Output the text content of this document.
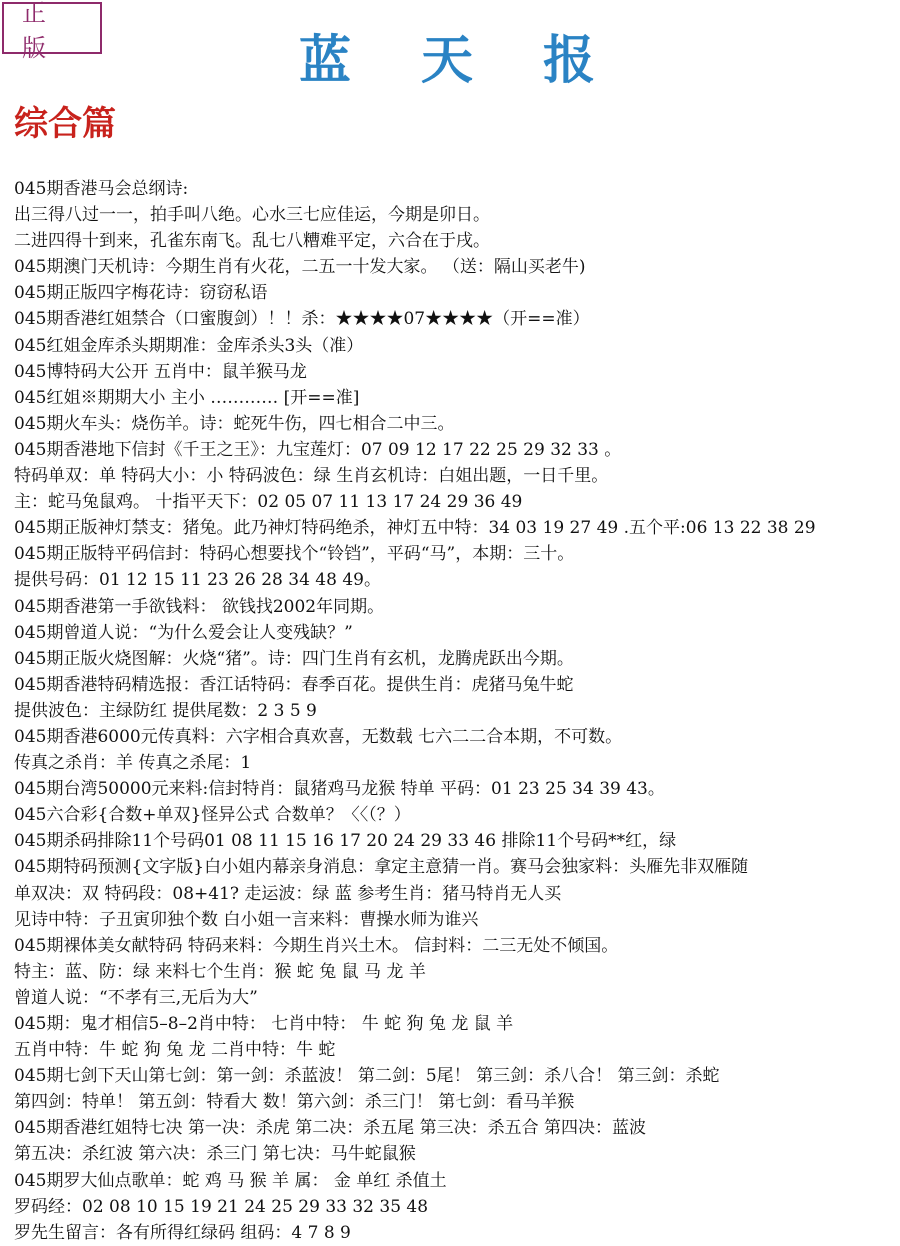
正版	蓝天报
综合篇
045期香港马会总纲诗:
出三得八过一一，拍手叫八绝。心水三七应佳运，今期是卯日。
二进四得十到来，孔雀东南飞。乱七八糟难平定，六合在于戌。
045期澳门天机诗：今期生肖有火花，二五一十发大家。 （送：隔山买老牛)
045期正版四字梅花诗：窃窃私语
045期香港红姐禁合（口蜜腹剑）！！杀：★★★★07★★★★（开==准）
045红姐金库杀头期期准：金库杀头3头（准）
045博特码大公开 五肖中：鼠羊猴马龙
045红姐※期期大小 主小 ………… [开==准]
045期火车头：烧伤羊。诗：蛇死牛伤，四七相合二中三。
045期香港地下信封《千王之王》：九宝莲灯：07 09 12 17 22 25 29 32 33 。
特码单双：单 特码大小：小 特码波色：绿 生肖玄机诗：白姐出题，一日千里。
主：蛇马兔鼠鸡。 十指平天下：02 05 07 11 13 17 24 29 36 49
045期正版神灯禁支：猪兔。此乃神灯特码绝杀，神灯五中特：34 03 19 27 49 .五个平:06 13 22 38 29
045期正版特平码信封：特码心想要找个“铃铛”，平码“马”，本期：三十。
提供号码：01 12 15 11 23 26 28 34 48 49。
045期香港第一手欲钱料： 欲钱找2002年同期。
045期曾道人说：“为什么爱会让人变残缺？”
045期正版火烧图解：火烧“猪”。诗：四门生肖有玄机，龙腾虎跃出今期。
045期香港特码精选报：香江话特码：春季百花。提供生肖：虎猪马兔牛蛇
提供波色：主绿防红 提供尾数：2 3 5 9
045期香港6000元传真料：六字相合真欢喜，无数载 七六二二合本期，不可数。
传真之杀肖：羊 传真之杀尾：1
045期台湾50000元来料:信封特肖：鼠猪鸡马龙猴 特单 平码：01 23 25 34 39 43。
045六合彩{合数+单双}怪异公式 合数单？〈〈（？）
045期杀码排除11个号码01 08 11 15 16 17 20 24 29 33 46 排除11个号码**红，绿
045期特码预测{文字版}白小姐内幕亲身消息：拿定主意猜一肖。赛马会独家料：头雁先非双雁随
单双决：双 特码段：08+41? 走运波：绿 蓝 参考生肖：猪马特肖无人买
见诗中特：子丑寅卯独个数 白小姐一言来料：曹操水师为谁兴
045期裸体美女献特码 特码来料：今期生肖兴土木。 信封料：二三无处不倾国。
特主：蓝、防：绿 来料七个生肖：猴 蛇 兔 鼠 马 龙 羊
曾道人说：“不孝有三,无后为大”
045期：鬼才相信5–8–2肖中特： 七肖中特： 牛 蛇 狗 兔 龙 鼠 羊
五肖中特：牛 蛇 狗 兔 龙 二肖中特：牛 蛇
045期七剑下天山第七剑：第一剑：杀蓝波！ 第二剑：5尾！ 第三剑：杀八合！ 第三剑：杀蛇
第四剑：特单！ 第五剑：特看大 数！第六剑：杀三门！ 第七剑：看马羊猴
045期香港红姐特七决 第一决：杀虎 第二决：杀五尾 第三决：杀五合 第四决：蓝波
第五决：杀红波 第六决：杀三门 第七决：马牛蛇鼠猴
045期罗大仙点歌单：蛇 鸡 马 猴 羊 属： 金 单红 杀值土
罗码经：02 08 10 15 19 21 24 25 29 33 32 35 48
罗先生留言：各有所得红绿码 组码：4 7 8 9
